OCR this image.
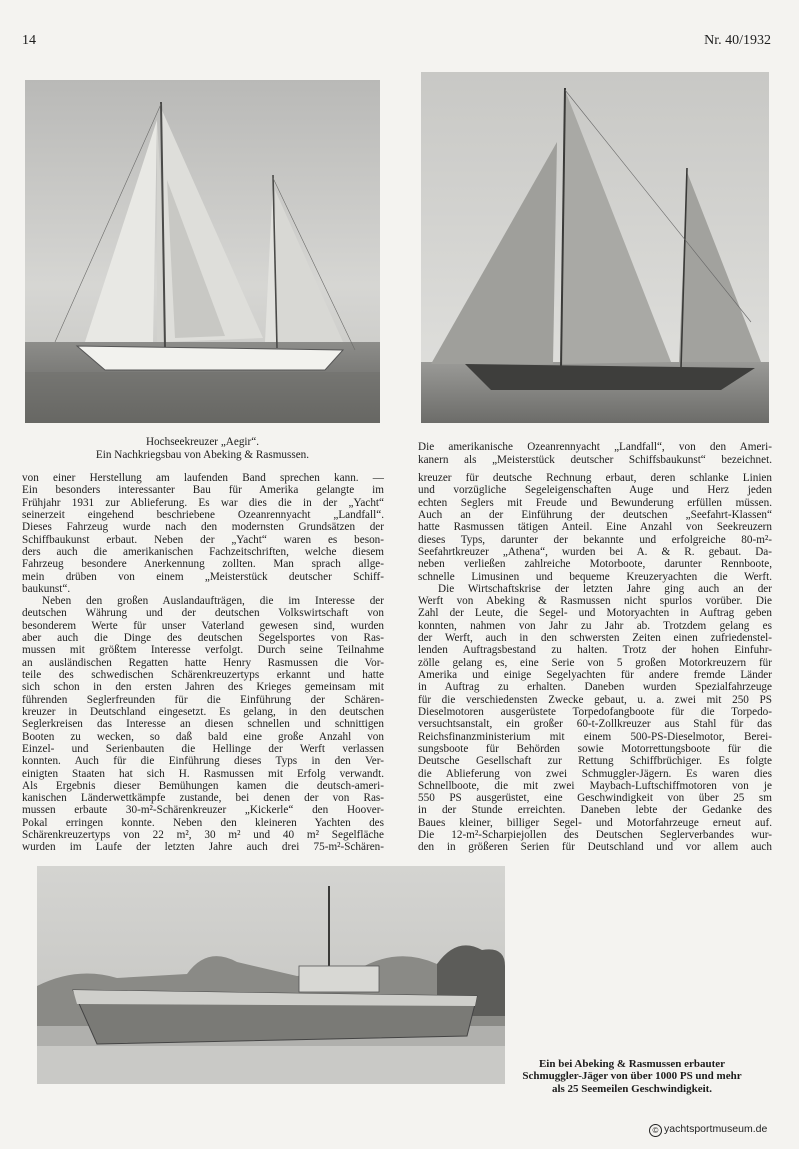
14	Nr. 40/1932
Hochseekreuzer „Aegir“.
Ein Nachkriegsbau von Abeking & Rasmussen.
Die amerikanische Ozeanrennyacht „Landfall“, von den Ameri-
kanern als „Meisterstück deutscher Schiffsbaukunst“ bezeichnet.
von einer Herstellung am laufenden Band sprechen kann. —
Ein besonders interessanter Bau für Amerika gelangte im
Frühjahr 1931 zur Ablieferung. Es war dies die in der „Yacht“
seinerzeit eingehend beschriebene Ozeanrennyacht „Landfall“.
Dieses Fahrzeug wurde nach den modernsten Grundsätzen der
Schiffbaukunst erbaut. Neben der „Yacht“ waren es beson-
ders auch die amerikanischen Fachzeitschriften, welche diesem
Fahrzeug besondere Anerkennung zollten. Man sprach allge-
mein drüben von einem „Meisterstück deutscher Schiff-
baukunst“.
Neben den großen Auslandaufträgen, die im Interesse der
deutschen Währung und der deutschen Volkswirtschaft von
besonderem Werte für unser Vaterland gewesen sind, wurden
aber auch die Dinge des deutschen Segelsportes von Ras-
mussen mit größtem Interesse verfolgt. Durch seine Teilnahme
an ausländischen Regatten hatte Henry Rasmussen die Vor-
teile des schwedischen Schärenkreuzertyps erkannt und hatte
sich schon in den ersten Jahren des Krieges gemeinsam mit
führenden Seglerfreunden für die Einführung der Schären-
kreuzer in Deutschland eingesetzt. Es gelang, in den deutschen
Seglerkreisen das Interesse an diesen schnellen und schnittigen
Booten zu wecken, so daß bald eine große Anzahl von
Einzel- und Serienbauten die Hellinge der Werft verlassen
konnten. Auch für die Einführung dieses Typs in den Ver-
einigten Staaten hat sich H. Rasmussen mit Erfolg verwandt.
Als Ergebnis dieser Bemühungen kamen die deutsch-ameri-
kanischen Länderwettkämpfe zustande, bei denen der von Ras-
mussen erbaute 30-m²-Schärenkreuzer „Kickerle“ den Hoover-
Pokal erringen konnte. Neben den kleineren Yachten des
Schärenkreuzertyps von 22 m², 30 m² und 40 m² Segelfläche
wurden im Laufe der letzten Jahre auch drei 75-m²-Schären-
kreuzer für deutsche Rechnung erbaut, deren schlanke Linien
und vorzügliche Segeleigenschaften Auge und Herz jeden
echten Seglers mit Freude und Bewunderung erfüllen müssen.
Auch an der Einführung der deutschen „Seefahrt-Klassen“
hatte Rasmussen tätigen Anteil. Eine Anzahl von Seekreuzern
dieses Typs, darunter der bekannte und erfolgreiche 80-m²-
Seefahrtkreuzer „Athena“, wurden bei A. & R. gebaut. Da-
neben verließen zahlreiche Motorboote, darunter Rennboote,
schnelle Limusinen und bequeme Kreuzeryachten die Werft.
Die Wirtschaftskrise der letzten Jahre ging auch an der
Werft von Abeking & Rasmussen nicht spurlos vorüber. Die
Zahl der Leute, die Segel- und Motoryachten in Auftrag geben
konnten, nahmen von Jahr zu Jahr ab. Trotzdem gelang es
der Werft, auch in den schwersten Zeiten einen zufriedenstel-
lenden Auftragsbestand zu halten. Trotz der hohen Einfuhr-
zölle gelang es, eine Serie von 5 großen Motorkreuzern für
Amerika und einige Segelyachten für andere fremde Länder
in Auftrag zu erhalten. Daneben wurden Spezialfahrzeuge
für die verschiedensten Zwecke gebaut, u. a. zwei mit 250 PS
Dieselmotoren ausgerüstete Torpedofangboote für die Torpedo-
versuchtsanstalt, ein großer 60-t-Zollkreuzer aus Stahl für das
Reichsfinanzministerium mit einem 500-PS-Dieselmotor, Berei-
sungsboote für Behörden sowie Motorrettungsboote für die
Deutsche Gesellschaft zur Rettung Schiffbrüchiger. Es folgte
die Ablieferung von zwei Schmuggler-Jägern. Es waren dies
Schnellboote, die mit zwei Maybach-Luftschiffmotoren von je
550 PS ausgerüstet, eine Geschwindigkeit von über 25 sm
in der Stunde erreichten. Daneben lebte der Gedanke des
Baues kleiner, billiger Segel- und Motorfahrzeuge erneut auf.
Die 12-m²-Scharpiejollen des Deutschen Seglerverbandes wur-
den in größeren Serien für Deutschland und vor allem auch
Ein bei Abeking & Rasmussen erbauter
Schmuggler-Jäger von über 1000 PS und mehr
als 25 Seemeilen Geschwindigkeit.
© yachtsportmuseum.de
